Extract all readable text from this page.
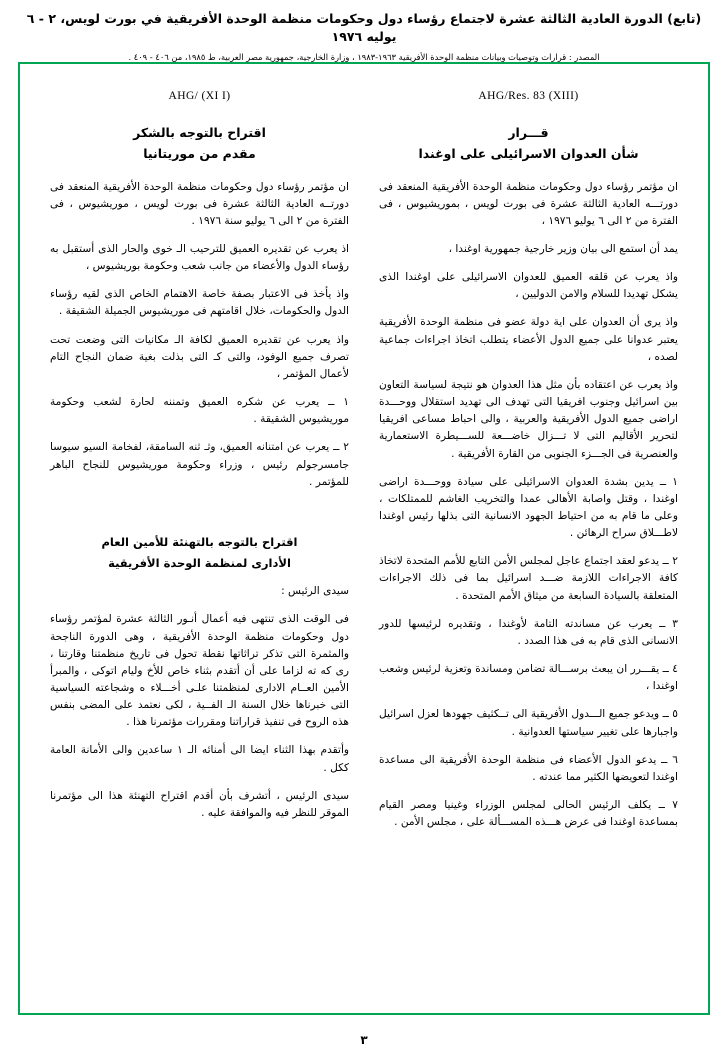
(تابع) الدورة العادية الثالثة عشرة لاجتماع رؤساء دول وحكومات منظمة الوحدة الأفريقية في بورت لويس، ٢ - ٦ يوليه ١٩٧٦
المصدر : قرارات وتوصيات وبيانات منظمة الوحدة الأفريقية ١٩٦٣-١٩٨٣ ، وزارة الخارجية، جمهورية مصر العربية، ط ١٩٨٥، من ٤٠٦ - ٤٠٩ .
AHG/Res. 83 (XIII)
قـــرار
شأن العدوان الاسرائيلى على اوغندا

ان مؤتمر رؤساء دول وحكومات منظمة الوحدة الأفريقية المنعقد فى دورتـــه العادية الثالثة عشرة فى بورت لويس ، بموريشيوس ، فى الفترة من ٢ الى ٦ يوليو ١٩٧٦ ،

يمد أن استمع الى بيان وزير خارجية جمهورية اوغندا ،

واذ يعرب عن قلقه العميق للعدوان الاسرائيلى على اوغندا الذى يشكل تهديدا للسلام والامن الدوليين ،

واذ يرى أن العدوان على اية دولة عضو فى منظمة الوحدة الأفريقية يعتبر عدوانا على جميع الدول الأعضاء يتطلب اتخاذ اجراءات جماعية لصده ،

واذ يعرب عن اعتقاده بأن مثل هذا العدوان هو نتيجة لسياسة التعاون بين اسرائيل وجنوب افريقيا التى تهدف الى تهديد استقلال ووحـــدة اراضى جميع الدول الأفريقية والعربية ، والى احباط مساعى افريقيا لتحرير الأقاليم التى لا تـــزال خاضـــعة للســـيطرة الاستعمارية والعنصرية فى الجـــزء الجنوبى من القارة الأفريقية .

١ ــ يدين بشدة العدوان الاسرائيلى على سيادة ووحـــدة اراضى اوغندا ، وقتل واصابة الأهالى عمدا والتخريب الغاشم للممتلكات ، وعلى ما قام به من احتياط الجهود الانسانية التى بذلها رئيس اوغندا لاطـــلاق سراح الرهائن .

٢ ــ يدعو لعقد اجتماع عاجل لمجلس الأمن التابع للأمم المتحدة لاتخاذ كافة الاجراءات اللازمة ضـــد اسرائيل بما فى ذلك الاجراءات المتعلقة بالسيادة السابعة من ميثاق الأمم المتحدة .

٣ ــ يعرب عن مساندته التامة لأوغندا ، وتقديره لرئيسها للدور الانسانى الذى قام به فى هذا الصدد .

٤ ــ يقـــرر ان يبعث برســـالة تضامن ومساندة وتعزية لرئيس وشعب اوغندا ،

٥ ــ ويدعو جميع الـــدول الأفريقية الى تــكثيف جهودها لعزل اسرائيل واجبارها على تغيير سياستها العدوانية .

٦ ــ يدعو الدول الأعضاء فى منظمة الوحدة الأفريقية الى مساعدة اوغندا لتعويضها الكثير مما عندته .

٧ ــ يكلف الرئيس الحالى لمجلس الوزراء وغينيا ومصر القيام بمساعدة اوغندا فى عرض هـــذه المســـألة على ، مجلس الأمن .

AHG/ (XI I)
اقتراح بالتوجه بالشكر
مقدم من موريتانيا

ان مؤتمر رؤساء دول وحكومات منظمة الوحدة الأفريقية المنعقد فى دورتــه العادية الثالثة عشرة فى بورت لويس ، موريشيوس ، فى الفترة من ٢ الى ٦ يوليو سنة ١٩٧٦ .

اذ يعرب عن تقديره العميق للترحيب الـ خوى والحار الذى أستقبل به رؤساء الدول والأعضاء من جانب شعب وحكومة بوريشيوس ،

واذ يأخذ فى الاعتبار بصفة خاصة الاهتمام الخاص الذى لقيه رؤساء الدول والحكومات، خلال اقامتهم فى موريشيوس الجميلة الشقيقة .

واذ يعرب عن تقديره العميق لكافة الـ مكانيات التى وضعت تحت تصرف جميع الوفود، والتى كـ التى بذلت بغية ضمان النجاح التام لأعمال المؤتمر ،

١ ــ يعرب عن شكره العميق وتمننه لحارة لشعب وحكومة موريشيوس الشقيقة .

٢ ــ يعرب عن امتنانه العميق، وثـ ثنه السامقة، لفخامة السيو سيوسا جامسرجولم رئيس ، وزراء وحكومة موريشيوس للنجاح الباهر للمؤتمر .

اقتراح بالتوجه بالتهنئة للأمين العام
الأدارى لمنظمة الوحدة الأفريقية

سيدى الرئيس :

فى الوقت الذى تنتهى فيه أعمال أنـور الثالثة عشرة لمؤتمر رؤساء دول وحكومات منظمة الوحدة الأفريقية ، وهى الدورة الناجحة والمثمرة التى تذكر تراثاتها نقطة تحول فى تاريخ منظمتنا وقارتنا ، رى كه ته لزاما على أن أتقدم بثناء خاص للأخ وليام اتوكى ، والمبرأ الأمين العــام الادارى لمنظمتنا علـى أخـــلاء ه وشجاعته السياسية التى خبرناها خلال السنة الـ الفــية ، لكى نعتمد على المضى بنفس هذه الروح فى تنفيذ قراراتنا ومقررات مؤتمرنا هذا .

وأتقدم بهذا الثناء ايضا الى أمنائه الـ ١ ساعدين والى الأمانة العامة ككل .

سيدى الرئيس ، أتشرف بأن أقدم اقتراح التهنئة هذا الى مؤتمرنا الموقر للنظر فيه والموافقة عليه .

٣
